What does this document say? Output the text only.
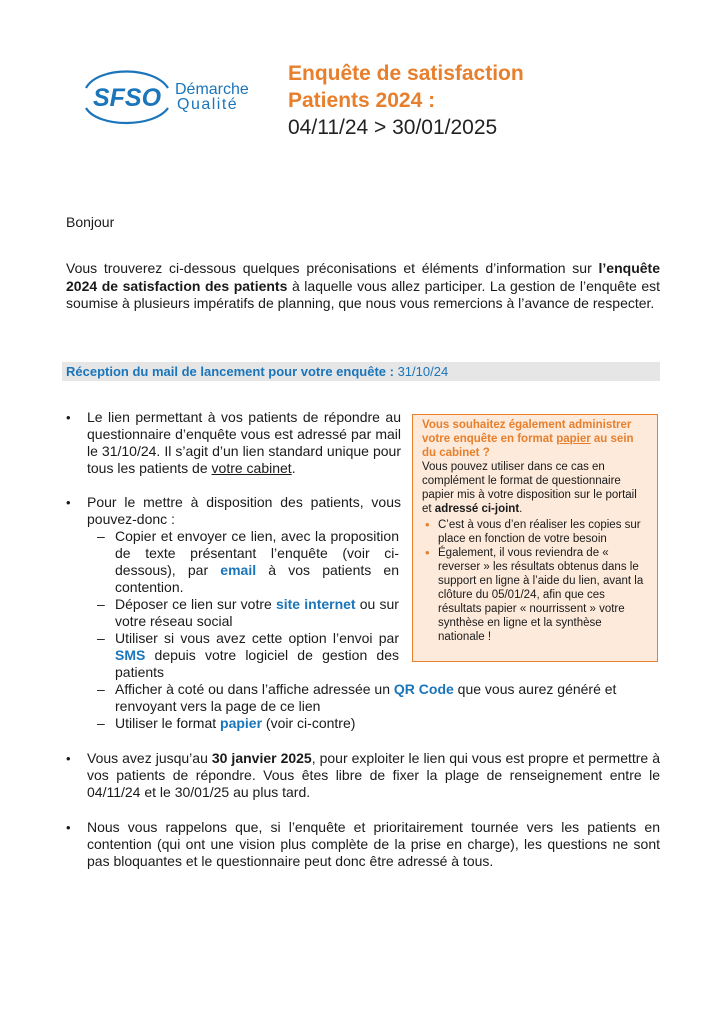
SFSO Démarche
Qualité
Enquête de satisfaction
Patients 2024 :
04/11/24 > 30/01/2025
Bonjour
Vous trouverez ci-dessous quelques préconisations et éléments d’information sur l’enquête 2024 de satisfaction des patients à laquelle vous allez participer. La gestion de l’enquête est soumise à plusieurs impératifs de planning, que nous vous remercions à l’avance de respecter.
Réception du mail de lancement pour votre enquête : 31/10/24
• Le lien permettant à vos patients de répondre au questionnaire d’enquête vous est adressé par mail le 31/10/24. Il s’agit d’un lien standard unique pour tous les patients de votre cabinet.
• Pour le mettre à disposition des patients, vous pouvez-donc :
– Copier et envoyer ce lien, avec la proposition de texte présentant l’enquête (voir ci-dessous), par email à vos patients en contention.
– Déposer ce lien sur votre site internet ou sur votre réseau social
– Utiliser si vous avez cette option l’envoi par SMS depuis votre logiciel de gestion des patients
– Afficher à coté ou dans l’affiche adressée un QR Code que vous aurez généré et renvoyant vers la page de ce lien
– Utiliser le format papier (voir ci-contre)
• Vous avez jusqu’au 30 janvier 2025, pour exploiter le lien qui vous est propre et permettre à vos patients de répondre. Vous êtes libre de fixer la plage de renseignement entre le 04/11/24 et le 30/01/25 au plus tard.
• Nous vous rappelons que, si l’enquête et prioritairement tournée vers les patients en contention (qui ont une vision plus complète de la prise en charge), les questions ne sont pas bloquantes et le questionnaire peut donc être adressé à tous.
Vous souhaitez également administrer votre enquête en format papier au sein du cabinet ?
Vous pouvez utiliser dans ce cas en complément le format de questionnaire papier mis à votre disposition sur le portail et adressé ci-joint.
• C’est à vous d’en réaliser les copies sur place en fonction de votre besoin
• Également, il vous reviendra de « reverser » les résultats obtenus dans le support en ligne à l’aide du lien, avant la clôture du 05/01/24, afin que ces résultats papier « nourrissent » votre synthèse en ligne et la synthèse nationale !
